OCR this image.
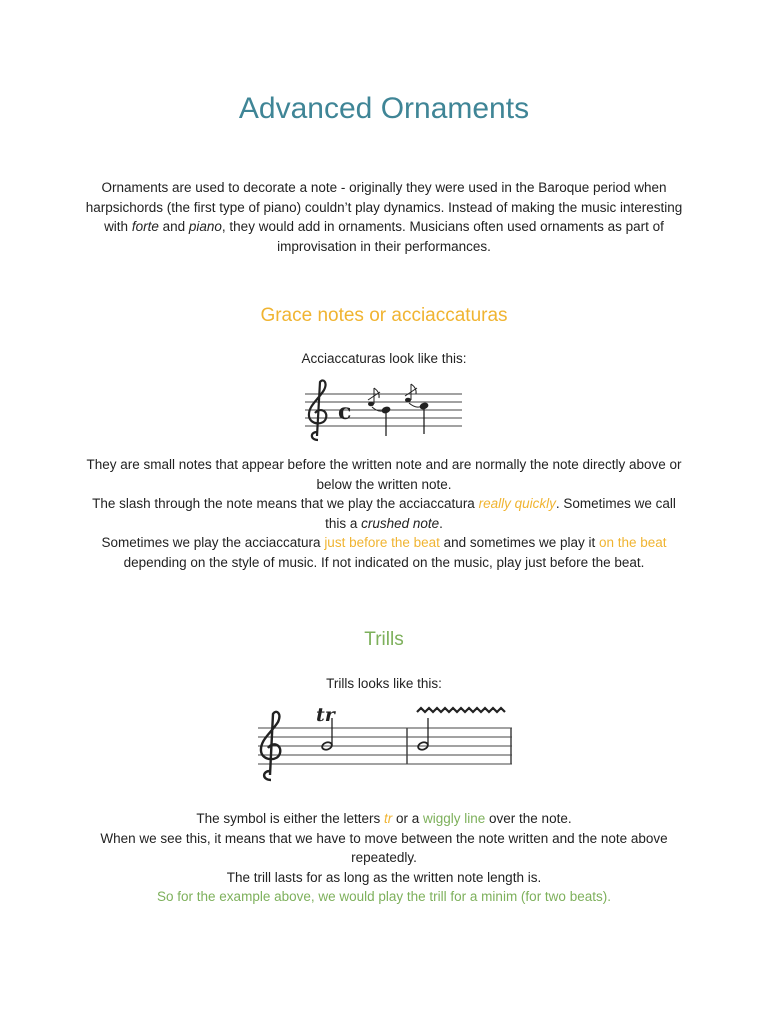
Advanced Ornaments

Ornaments are used to decorate a note - originally they were used in the Baroque period when harpsichords (the first type of piano) couldn’t play dynamics. Instead of making the music interesting with forte and piano, they would add in ornaments. Musicians often used ornaments as part of improvisation in their performances.

Grace notes or acciaccaturas

Acciaccaturas look like this:

c

They are small notes that appear before the written note and are normally the note directly above or below the written note.
The slash through the note means that we play the acciaccatura really quickly. Sometimes we call this a crushed note.
Sometimes we play the acciaccatura just before the beat and sometimes we play it on the beat depending on the style of music. If not indicated on the music, play just before the beat.

Trills

Trills looks like this:

tr

The symbol is either the letters tr or a wiggly line over the note.
When we see this, it means that we have to move between the note written and the note above repeatedly.
The trill lasts for as long as the written note length is.
So for the example above, we would play the trill for a minim (for two beats).
